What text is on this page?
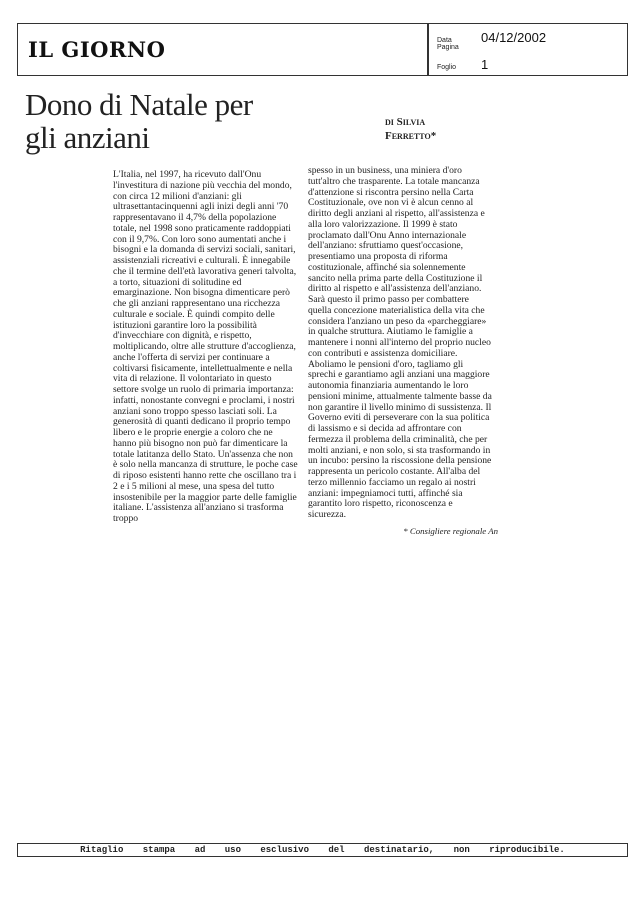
IL GIORNO	Data	04/12/2002
Pagina
Foglio	1
Dono di Natale per gli anziani	di Silvia
Ferretto*

L'Italia, nel 1997, ha ricevuto dall'Onu l'investitura di nazione più vecchia del mondo, con circa 12 milioni d'anziani: gli ultrasettantacinquenni agli inizi degli anni '70 rappresentavano il 4,7% della popolazione totale, nel 1998 sono praticamente raddoppiati con il 9,7%. Con loro sono aumentati anche i bisogni e la domanda di servizi sociali, sanitari, assistenziali ricreativi e culturali. È innegabile che il termine dell'età lavorativa generi talvolta, a torto, situazioni di solitudine ed emarginazione. Non bisogna dimenticare però che gli anziani rappresentano una ricchezza culturale e sociale. È quindi compito delle istituzioni garantire loro la possibilità d'invecchiare con dignità, e rispetto, moltiplicando, oltre alle strutture d'accoglienza, anche l'offerta di servizi per continuare a coltivarsi fisicamente, intellettualmente e nella vita di relazione. Il volontariato in questo settore svolge un ruolo di primaria importanza: infatti, nonostante convegni e proclami, i nostri anziani sono troppo spesso lasciati soli. La generosità di quanti dedicano il proprio tempo libero e le proprie energie a coloro che ne hanno più bisogno non può far dimenticare la totale latitanza dello Stato. Un'assenza che non è solo nella mancanza di strutture, le poche case di riposo esistenti hanno rette che oscillano tra i 2 e i 5 milioni al mese, una spesa del tutto insostenibile per la maggior parte delle famiglie italiane. L'assistenza all'anziano si trasforma troppo

spesso in un business, una miniera d'oro tutt'altro che trasparente. La totale mancanza d'attenzione si riscontra persino nella Carta Costituzionale, ove non vi è alcun cenno al diritto degli anziani al rispetto, all'assistenza e alla loro valorizzazione. Il 1999 è stato proclamato dall'Onu Anno internazionale dell'anziano: sfruttiamo quest'occasione, presentiamo una proposta di riforma costituzionale, affinché sia solennemente sancito nella prima parte della Costituzione il diritto al rispetto e all'assistenza dell'anziano. Sarà questo il primo passo per combattere quella concezione materialistica della vita che considera l'anziano un peso da «parcheggiare» in qualche struttura. Aiutiamo le famiglie a mantenere i nonni all'interno del proprio nucleo con contributi e assistenza domiciliare. Aboliamo le pensioni d'oro, tagliamo gli sprechi e garantiamo agli anziani una maggiore autonomia finanziaria aumentando le loro pensioni minime, attualmente talmente basse da non garantire il livello minimo di sussistenza. Il Governo eviti di perseverare con la sua politica di lassismo e si decida ad affrontare con fermezza il problema della criminalità, che per molti anziani, e non solo, si sta trasformando in un incubo: persino la riscossione della pensione rappresenta un pericolo costante. All'alba del terzo millennio facciamo un regalo ai nostri anziani: impegniamoci tutti, affinché sia garantito loro rispetto, riconoscenza e sicurezza.

* Consigliere regionale An

Ritaglio stampa ad uso esclusivo del destinatario, non riproducibile.
